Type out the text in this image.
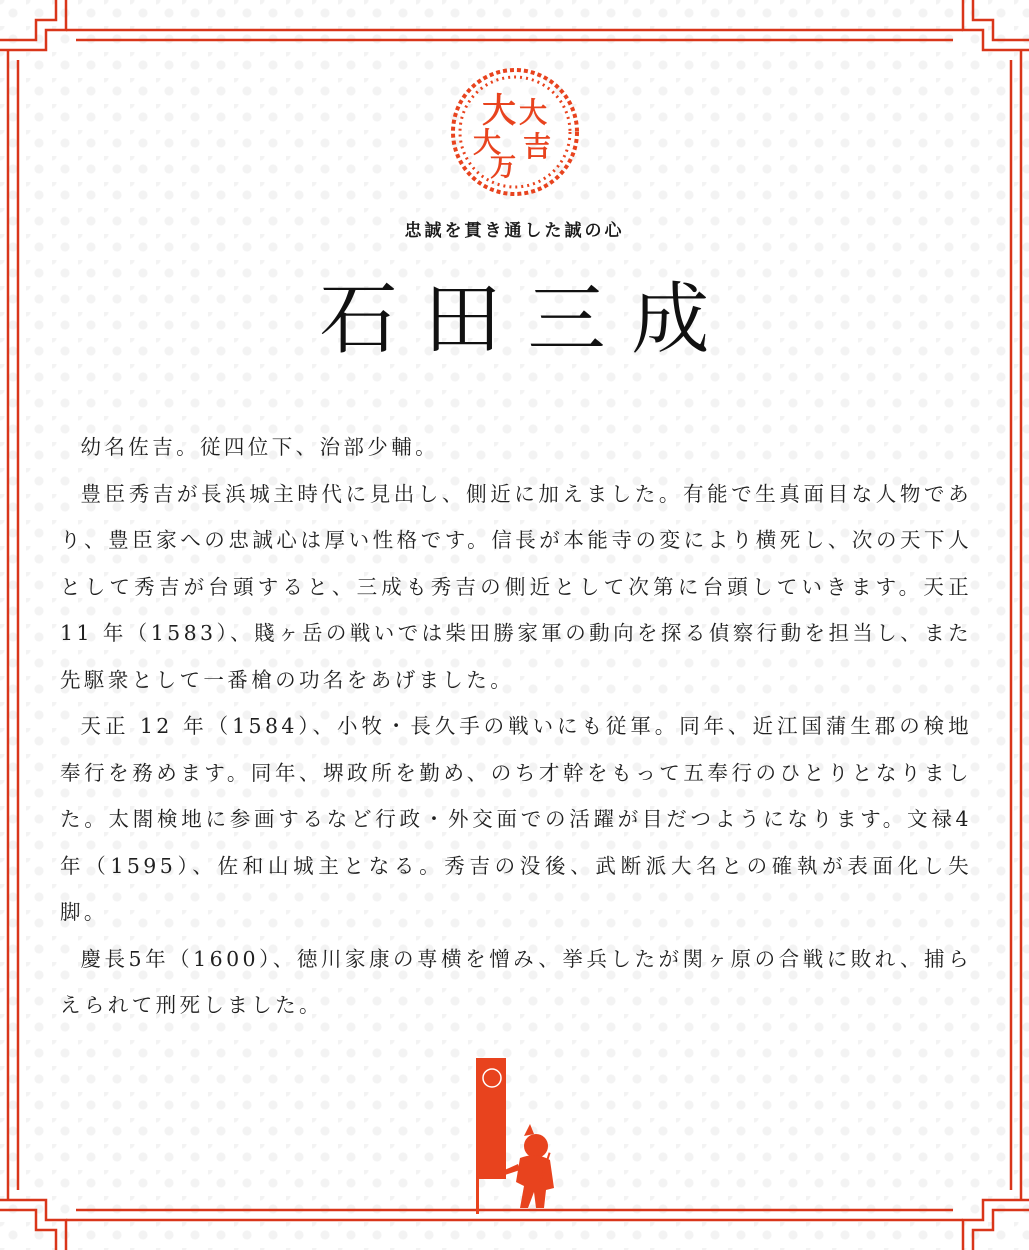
大 大
大 吉
万
忠誠を貫き通した誠の心
石田三成

幼名佐吉。従四位下、治部少輔。

豊臣秀吉が長浜城主時代に見出し、側近に加えました。有能で生真面目な人物であり、豊臣家への忠誠心は厚い性格です。信長が本能寺の変により横死し、次の天下人として秀吉が台頭すると、三成も秀吉の側近として次第に台頭していきます。天正 11 年（1583）、賤ヶ岳の戦いでは柴田勝家軍の動向を探る偵察行動を担当し、また先駆衆として一番槍の功名をあげました。

天正 12 年（1584）、小牧・長久手の戦いにも従軍。同年、近江国蒲生郡の検地奉行を務めます。同年、堺政所を勤め、のち才幹をもって五奉行のひとりとなりました。太閤検地に参画するなど行政・外交面での活躍が目だつようになります。文禄4年（1595）、佐和山城主となる。秀吉の没後、武断派大名との確執が表面化し失脚。

慶長5年（1600）、徳川家康の専横を憎み、挙兵したが関ヶ原の合戦に敗れ、捕らえられて刑死しました。
